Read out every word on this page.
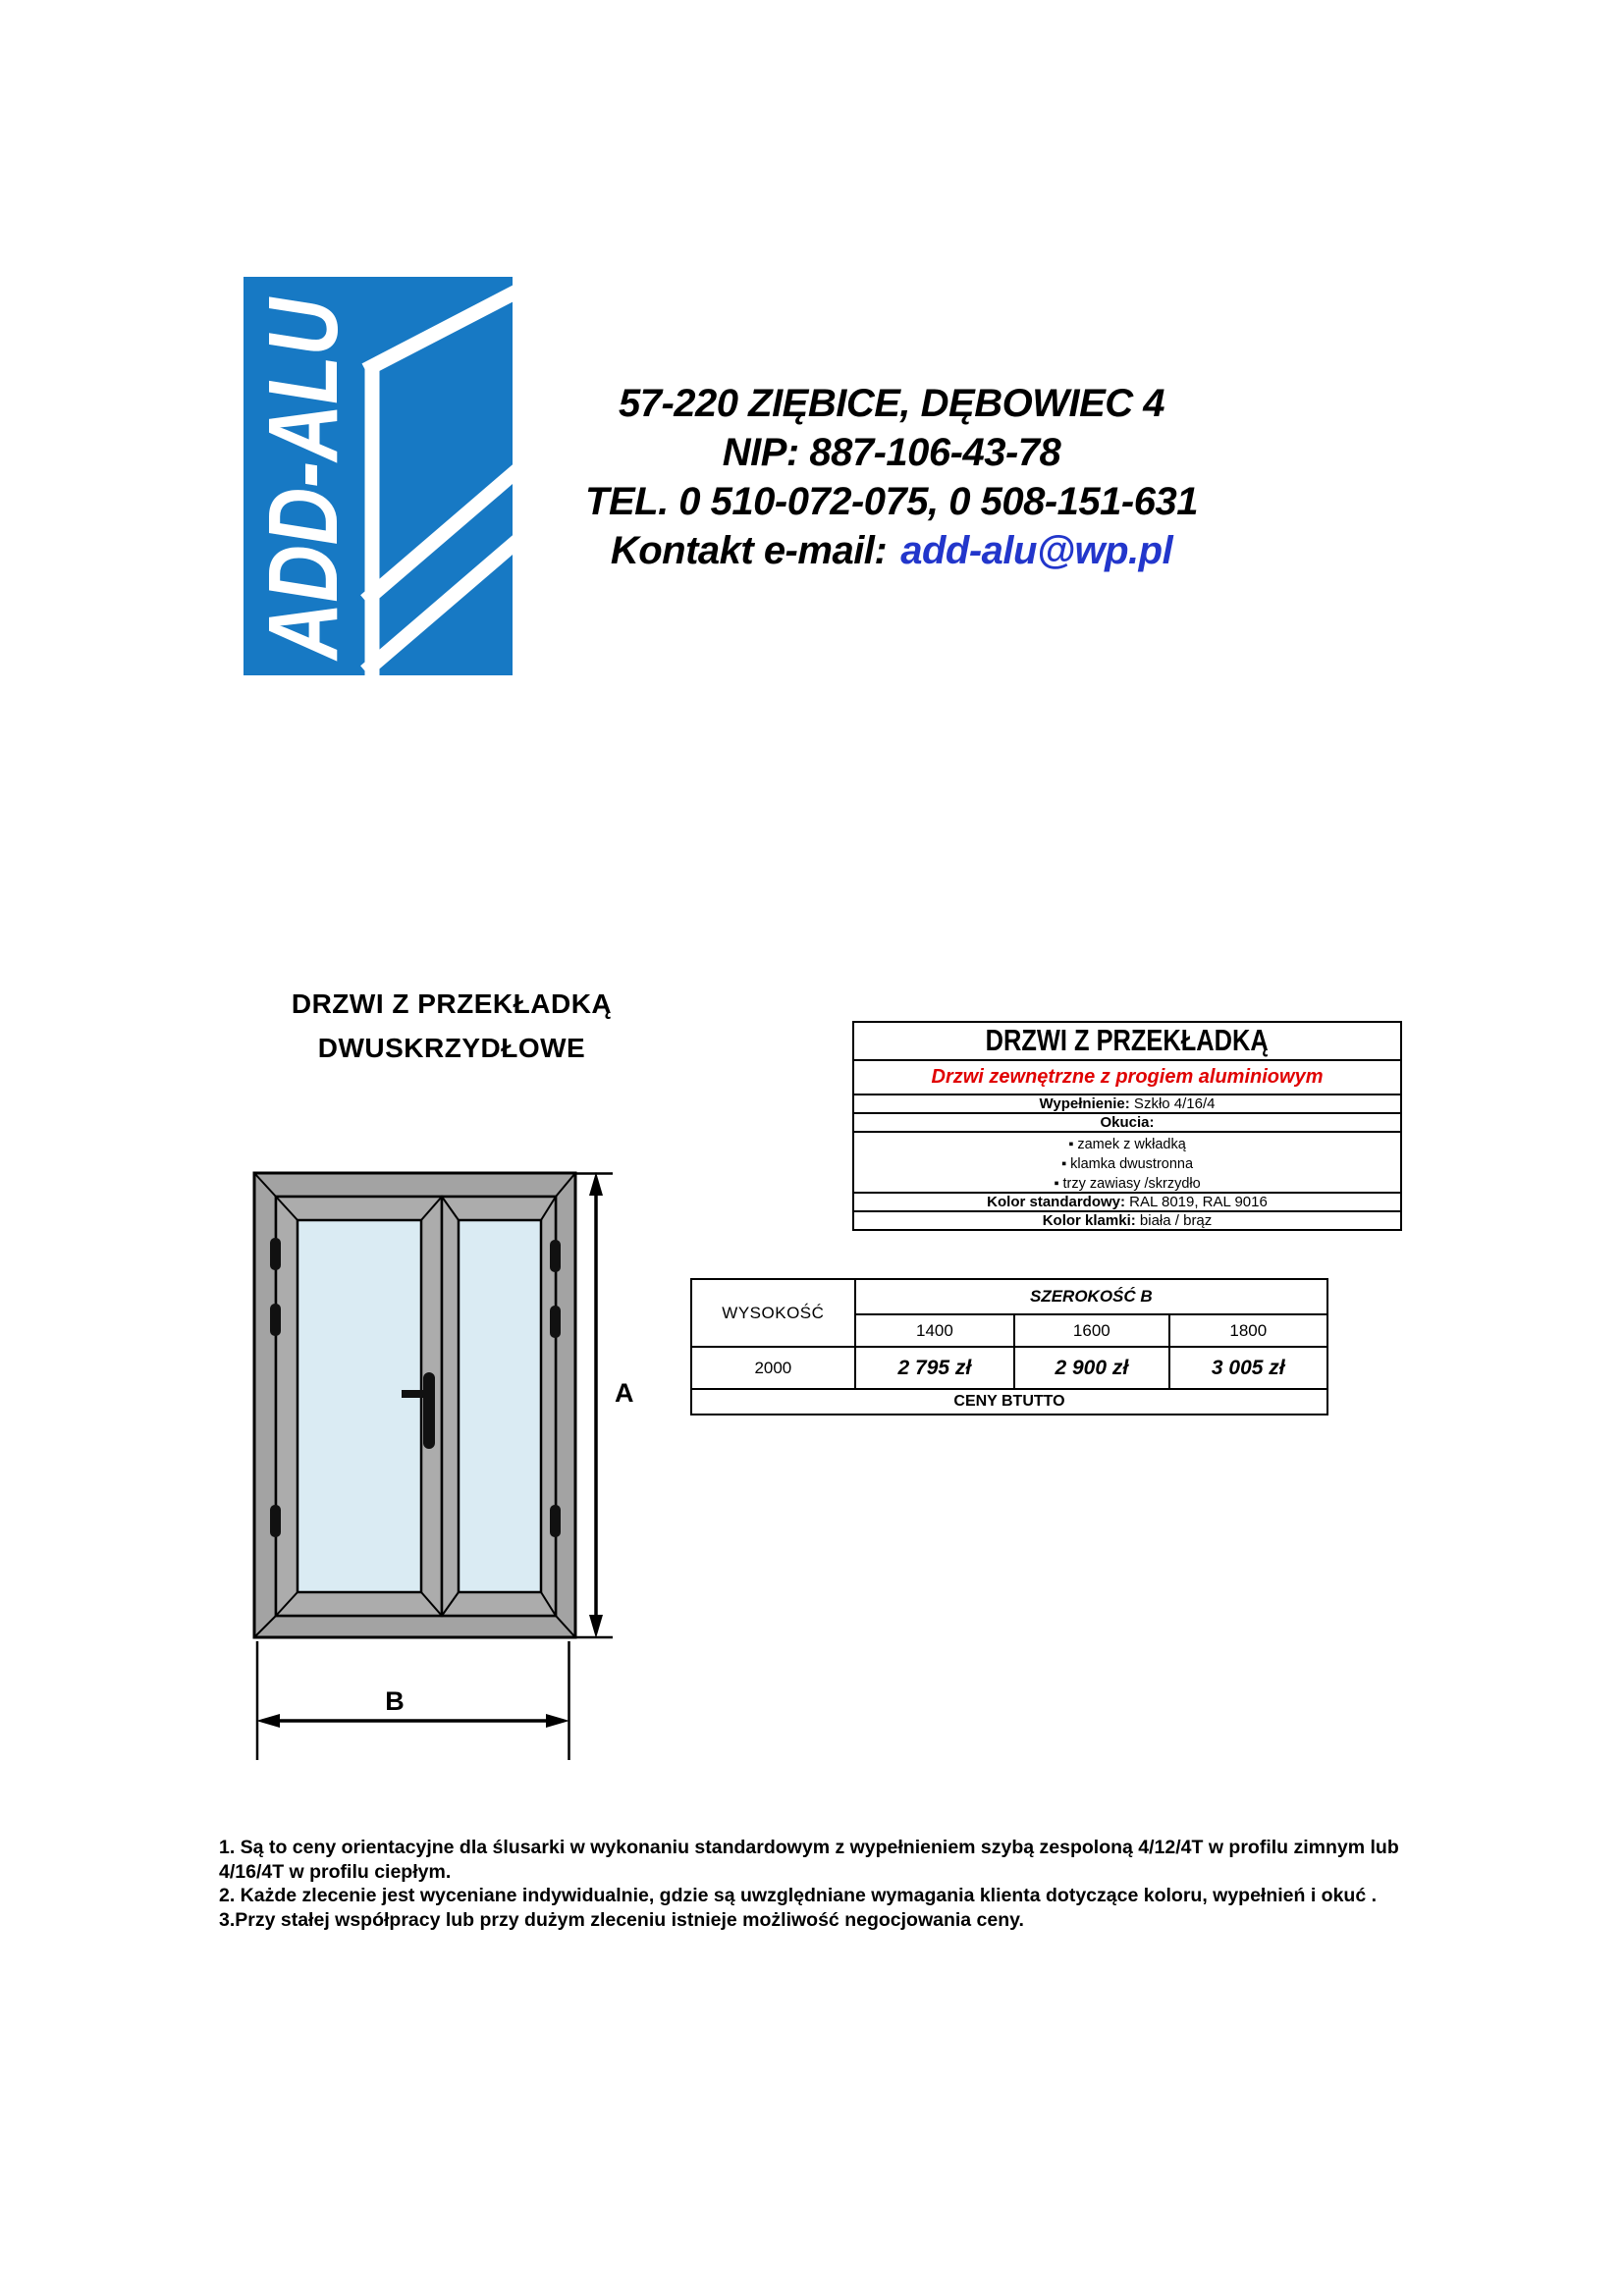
ADD-ALU	57-220 ZIĘBICE, DĘBOWIEC 4
NIP: 887-106-43-78
TEL. 0 510-072-075, 0 508-151-631
Kontakt e-mail: add-alu@wp.pl
DRZWI Z PRZEKŁADKĄ
DWUSKRZYDŁOWE	DRZWI Z PRZEKŁADKĄ
Drzwi zewnętrzne z progiem aluminiowym
Wypełnienie: Szkło 4/16/4
Okucia:
▪ zamek z wkładką
▪ klamka dwustronna
▪ trzy zawiasy /skrzydło
Kolor standardowy: RAL 8019, RAL 9016
Kolor klamki: biała / brąz
WYSOKOŚĆ	SZEROKOŚĆ B		
	1400	1600	1800
2000	2 795 zł	2 900 zł	3 005 zł
CENY BTUTTO			
A
B
1. Są to ceny orientacyjne dla ślusarki w wykonaniu standardowym z wypełnieniem szybą zespoloną 4/12/4T w profilu zimnym lub
4/16/4T w profilu ciepłym.
2. Każde zlecenie jest wyceniane indywidualnie, gdzie są uwzględniane wymagania klienta dotyczące koloru, wypełnień i okuć .
3.Przy stałej współpracy lub przy dużym zleceniu istnieje możliwość negocjowania ceny.
